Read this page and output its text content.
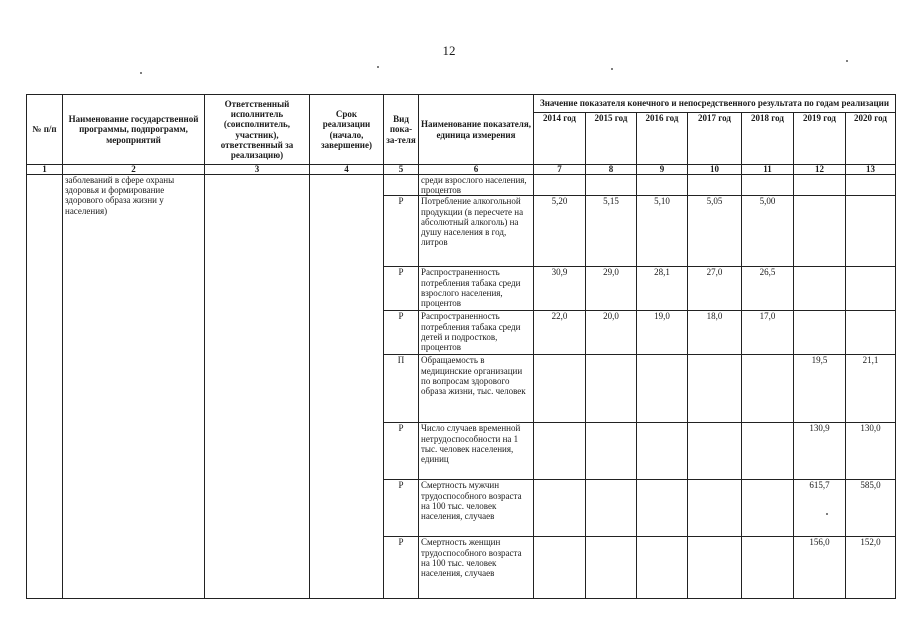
12
№ п/п	Наименование государственной программы, подпрограмм, мероприятий	Ответственный исполнитель (соисполнитель, участник), ответственный за реализацию)	Срок реализации (начало, завершение)	Вид пока-за-теля	Наименование показателя, единица измерения	Значение показателя конечного и непосредственного результата по годам реализации						
						2014 год	2015 год	2016 год	2017 год	2018 год	2019 год	2020 год
1	2	3	4	5	6	7	8	9	10	11	12	13
	заболеваний в сфере охраны здоровья и формирование здорового образа жизни у населения)				среди взрослого населения, процентов							
				Р	Потребление алкогольной продукции (в пересчете на абсолютный алкоголь) на душу населения в год, литров	5,20	5,15	5,10	5,05	5,00		
				Р	Распространенность потребления табака среди взрослого населения, процентов	30,9	29,0	28,1	27,0	26,5		
				Р	Распространенность потребления табака среди детей и подростков, процентов	22,0	20,0	19,0	18,0	17,0		
				П	Обращаемость в медицинские организации по вопросам здорового образа жизни, тыс. человек						19,5	21,1
				Р	Число случаев временной нетрудоспособности на 1 тыс. человек населения, единиц						130,9	130,0
				Р	Смертность мужчин трудоспособного возраста на 100 тыс. человек населения, случаев						615,7	585,0
				Р	Смертность женщин трудоспособного возраста на 100 тыс. человек населения, случаев						156,0	152,0
